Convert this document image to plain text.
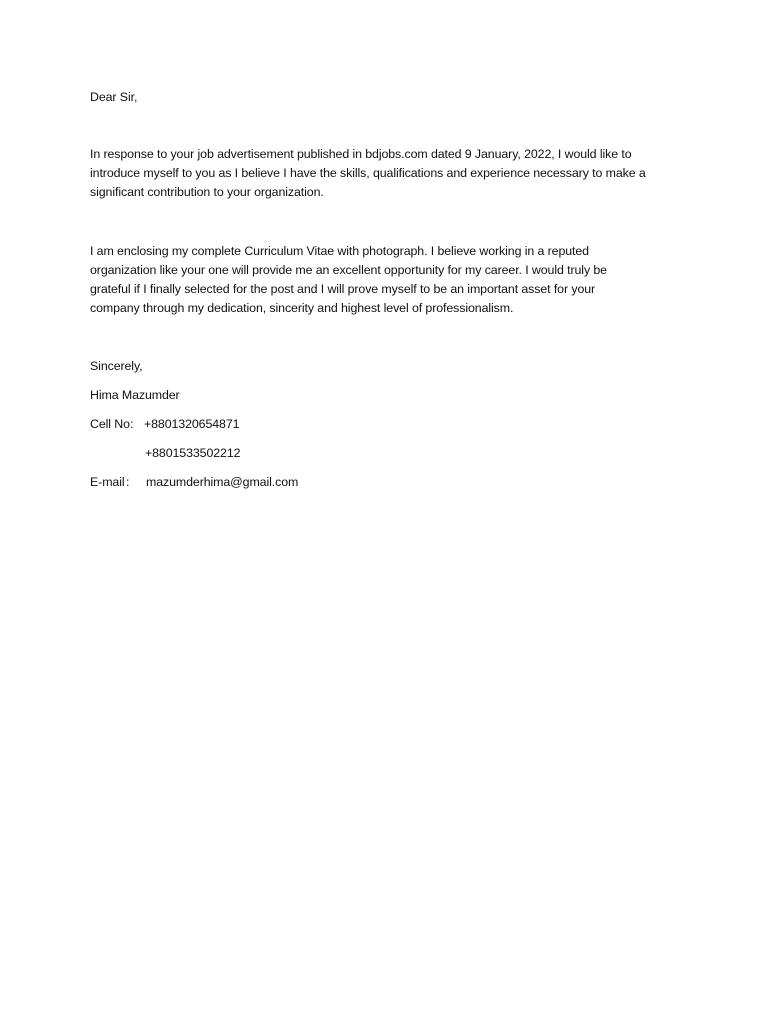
Dear Sir,

In response to your job advertisement published in bdjobs.com dated 9 January, 2022, I would like to
introduce myself to you as I believe I have the skills, qualifications and experience necessary to make a
significant contribution to your organization.

I am enclosing my complete Curriculum Vitae with photograph. I believe working in a reputed
organization like your one will provide me an excellent opportunity for my career. I would truly be
grateful if I finally selected for the post and I will prove myself to be an important asset for your
company through my dedication, sincerity and highest level of professionalism.

Sincerely,
Hima Mazumder
Cell No: +8801320654871
+8801533502212
E-mail: mazumderhima@gmail.com
